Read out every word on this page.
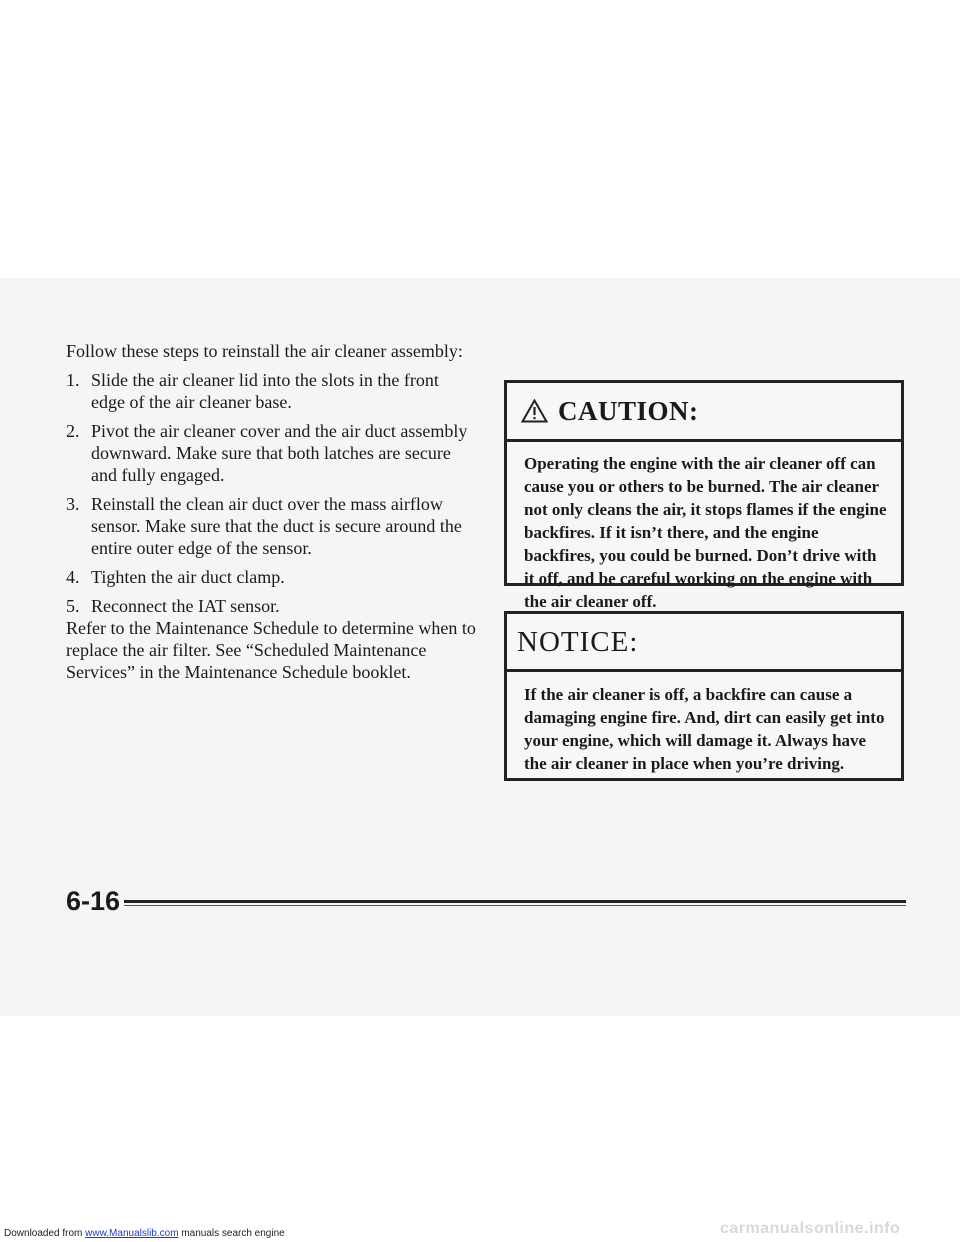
Follow these steps to reinstall the air cleaner assembly:

1. Slide the air cleaner lid into the slots in the front edge of the air cleaner base.
2. Pivot the air cleaner cover and the air duct assembly downward. Make sure that both latches are secure and fully engaged.
3. Reinstall the clean air duct over the mass airflow sensor. Make sure that the duct is secure around the entire outer edge of the sensor.
4. Tighten the air duct clamp.
5. Reconnect the IAT sensor.

Refer to the Maintenance Schedule to determine when to replace the air filter. See “Scheduled Maintenance Services” in the Maintenance Schedule booklet.

CAUTION:
Operating the engine with the air cleaner off can cause you or others to be burned. The air cleaner not only cleans the air, it stops flames if the engine backfires. If it isn’t there, and the engine backfires, you could be burned. Don’t drive with it off, and be careful working on the engine with the air cleaner off.
NOTICE:
If the air cleaner is off, a backfire can cause a damaging engine fire. And, dirt can easily get into your engine, which will damage it. Always have the air cleaner in place when you’re driving.
6-16
Downloaded from www.Manualslib.com manuals search engine	carmanualsonline.info
